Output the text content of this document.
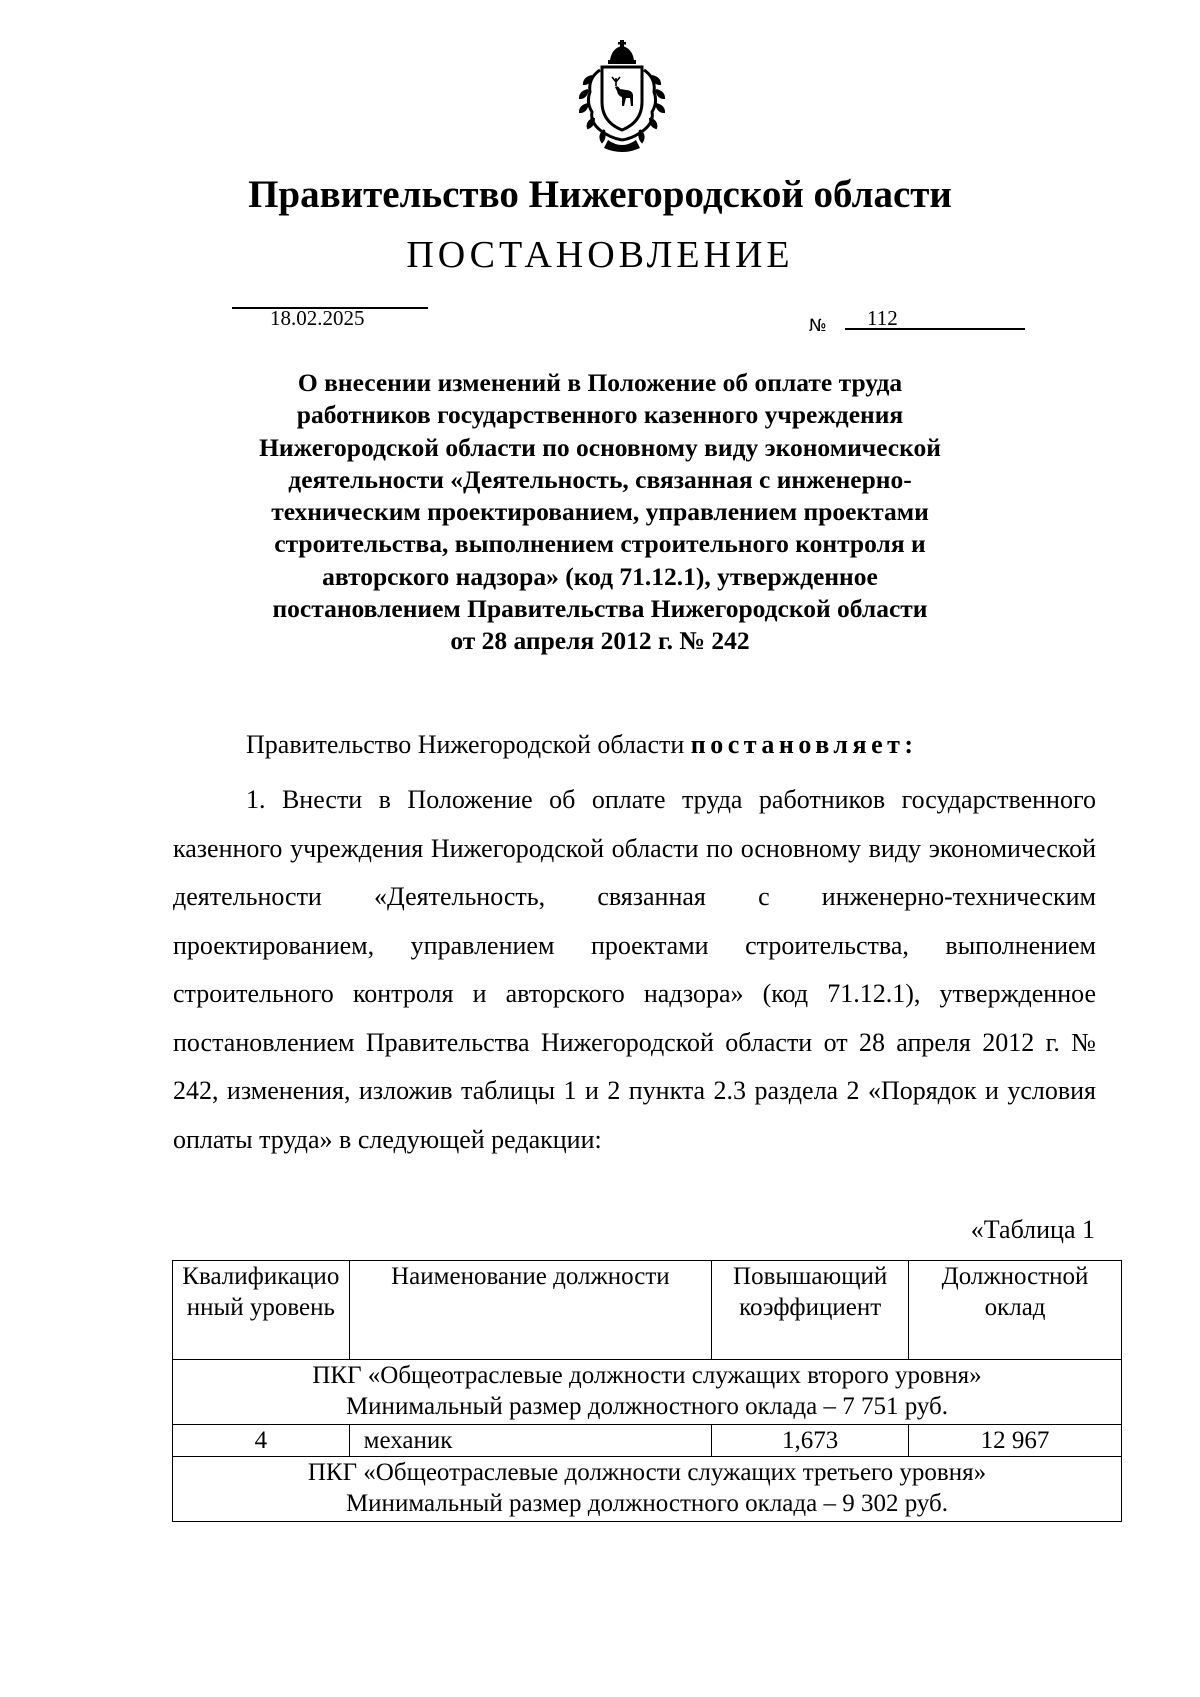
Правительство Нижегородской области
ПОСТАНОВЛЕНИЕ
18.02.2025	№ 112
О внесении изменений в Положение об оплате труда
работников государственного казенного учреждения
Нижегородской области по основному виду экономической
деятельности «Деятельность, связанная с инженерно-
техническим проектированием, управлением проектами
строительства, выполнением строительного контроля и
авторского надзора» (код 71.12.1), утвержденное
постановлением Правительства Нижегородской области
от 28 апреля 2012 г. № 242
Правительство Нижегородской области постановляет:
1. Внести в Положение об оплате труда работников государственного казенного учреждения Нижегородской области по основному виду экономической деятельности «Деятельность, связанная с инженерно-техническим проектированием, управлением проектами строительства, выполнением строительного контроля и авторского надзора» (код 71.12.1), утвержденное постановлением Правительства Нижегородской области от 28 апреля 2012 г. № 242, изменения, изложив таблицы 1 и 2 пункта 2.3 раздела 2 «Порядок и условия оплаты труда» в следующей редакции:
«Таблица 1
Квалификационный уровень	Наименование должности	Повышающий коэффициент	Должностной оклад

ПКГ «Общеотраслевые должности служащих второго уровня»
Минимальный размер должностного оклада – 7 751 руб.			

4	механик	1,673	12 967

ПКГ «Общеотраслевые должности служащих третьего уровня»
Минимальный размер должностного оклада – 9 302 руб.			
